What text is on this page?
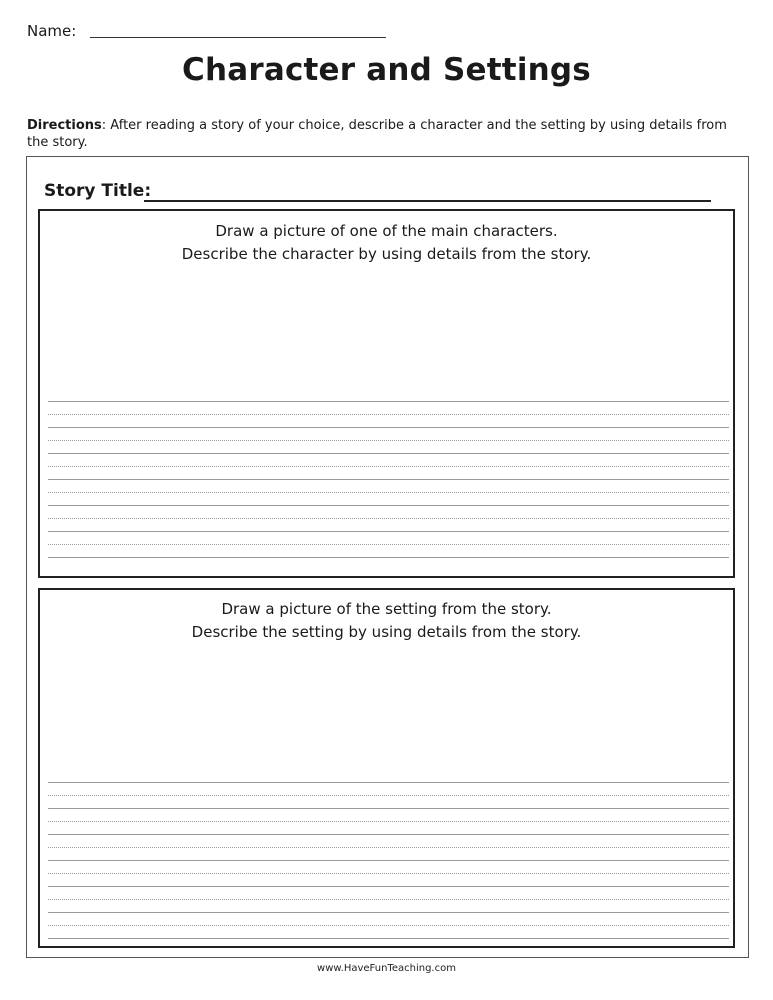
Name:
Character and Settings
Directions: After reading a story of your choice, describe a character and the setting by using details from the story.
Story Title:
Draw a picture of one of the main characters.
Describe the character by using details from the story.
Draw a picture of the setting from the story.
Describe the setting by using details from the story.
www.HaveFunTeaching.com
